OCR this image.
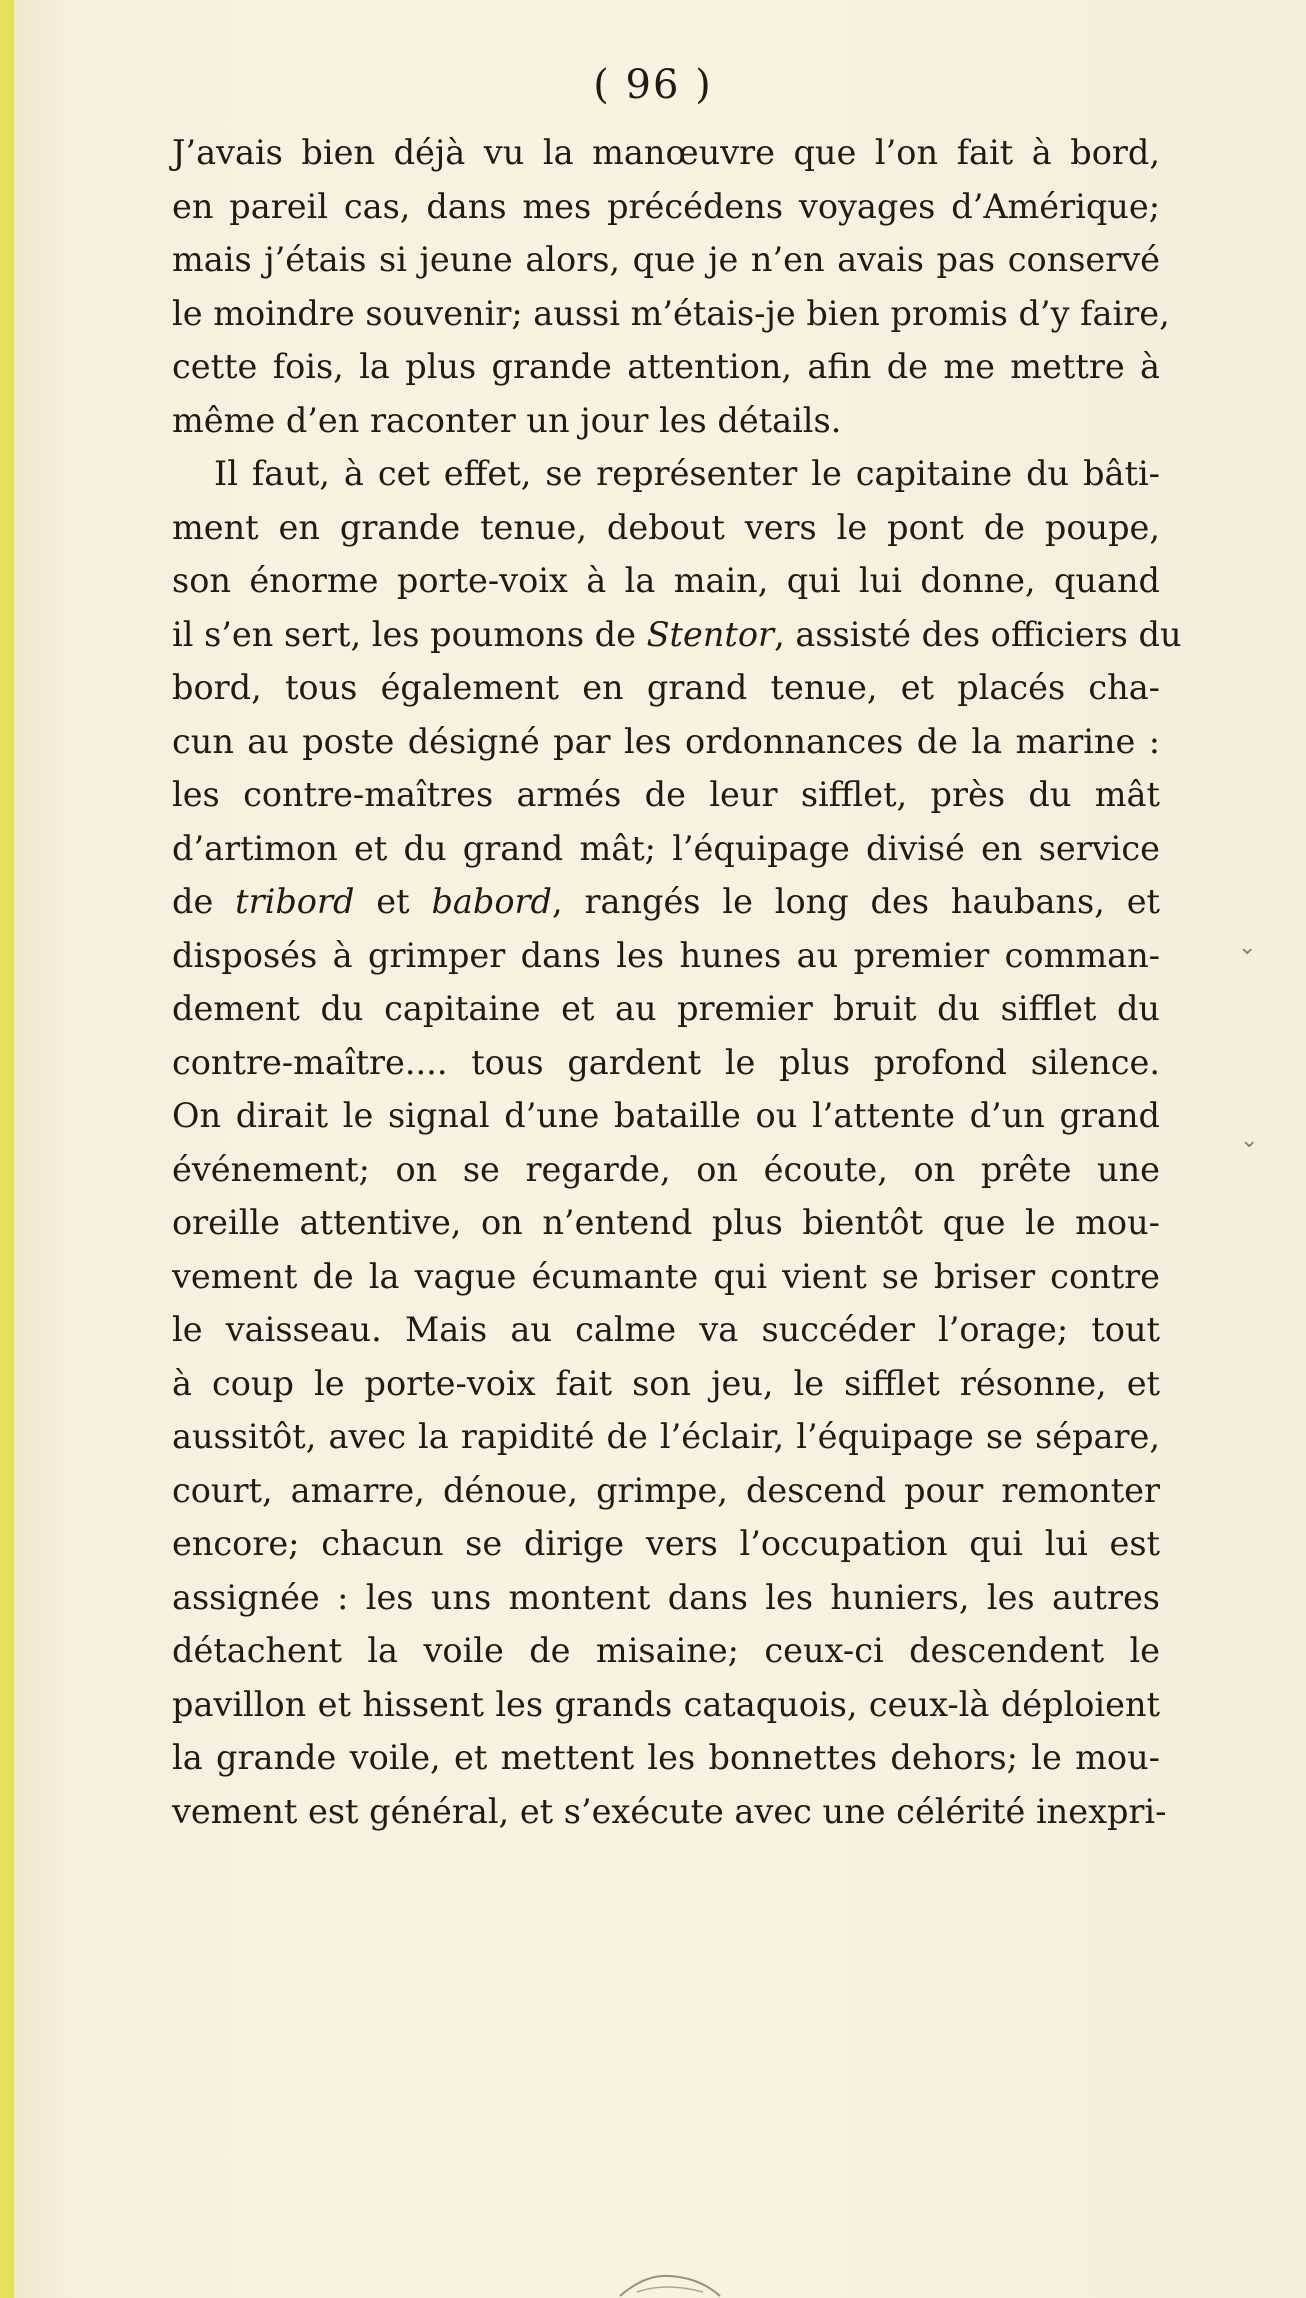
( 96 )
J’avais bien déjà vu la manœuvre que l’on fait à bord,
en pareil cas, dans mes précédens voyages d’Amérique;
mais j’étais si jeune alors, que je n’en avais pas conservé
le moindre souvenir; aussi m’étais-je bien promis d’y faire,
cette fois, la plus grande attention, afin de me mettre à
même d’en raconter un jour les détails.
Il faut, à cet effet, se représenter le capitaine du bâti-
ment en grande tenue, debout vers le pont de poupe,
son énorme porte-voix à la main, qui lui donne, quand
il s’en sert, les poumons de Stentor, assisté des officiers du
bord, tous également en grand tenue, et placés cha-
cun au poste désigné par les ordonnances de la marine :
les contre-maîtres armés de leur sifflet, près du mât
d’artimon et du grand mât; l’équipage divisé en service
de tribord et babord, rangés le long des haubans, et
disposés à grimper dans les hunes au premier comman-
dement du capitaine et au premier bruit du sifflet du
contre-maître.... tous gardent le plus profond silence.
On dirait le signal d’une bataille ou l’attente d’un grand
événement; on se regarde, on écoute, on prête une
oreille attentive, on n’entend plus bientôt que le mou-
vement de la vague écumante qui vient se briser contre
le vaisseau. Mais au calme va succéder l’orage; tout
à coup le porte-voix fait son jeu, le sifflet résonne, et
aussitôt, avec la rapidité de l’éclair, l’équipage se sépare,
court, amarre, dénoue, grimpe, descend pour remonter
encore; chacun se dirige vers l’occupation qui lui est
assignée : les uns montent dans les huniers, les autres
détachent la voile de misaine; ceux-ci descendent le
pavillon et hissent les grands cataquois, ceux-là déploient
la grande voile, et mettent les bonnettes dehors; le mou-
vement est général, et s’exécute avec une célérité inexpri-
⌄
⌄
